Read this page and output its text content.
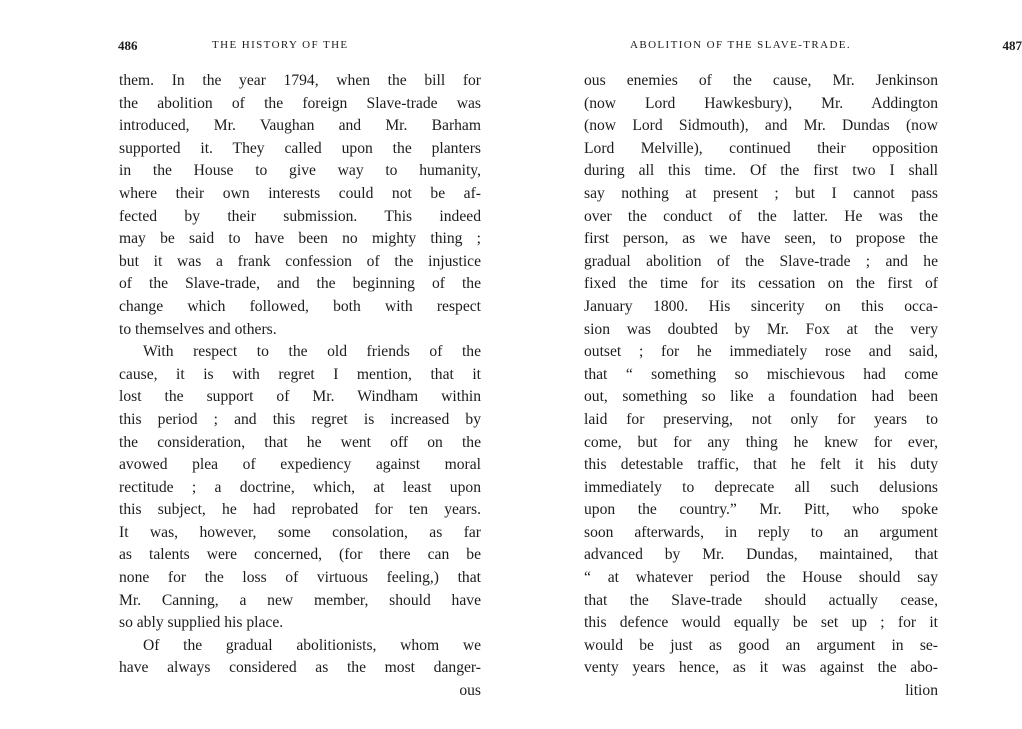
486	THE HISTORY OF THE
them. In the year 1794, when the bill for
the abolition of the foreign Slave-trade was
introduced, Mr. Vaughan and Mr. Barham
supported it. They called upon the planters
in the House to give way to humanity,
where their own interests could not be af-
fected by their submission. This indeed
may be said to have been no mighty thing ;
but it was a frank confession of the injustice
of the Slave-trade, and the beginning of the
change which followed, both with respect
to themselves and others.
With respect to the old friends of the
cause, it is with regret I mention, that it
lost the support of Mr. Windham within
this period ; and this regret is increased by
the consideration, that he went off on the
avowed plea of expediency against moral
rectitude ; a doctrine, which, at least upon
this subject, he had reprobated for ten years.
It was, however, some consolation, as far
as talents were concerned, (for there can be
none for the loss of virtuous feeling,) that
Mr. Canning, a new member, should have
so ably supplied his place.
Of the gradual abolitionists, whom we
have always considered as the most danger-
ous
ABOLITION OF THE SLAVE-TRADE.	487
ous enemies of the cause, Mr. Jenkinson
(now Lord Hawkesbury), Mr. Addington
(now Lord Sidmouth), and Mr. Dundas (now
Lord Melville), continued their opposition
during all this time. Of the first two I shall
say nothing at present ; but I cannot pass
over the conduct of the latter. He was the
first person, as we have seen, to propose the
gradual abolition of the Slave-trade ; and he
fixed the time for its cessation on the first of
January 1800. His sincerity on this occa-
sion was doubted by Mr. Fox at the very
outset ; for he immediately rose and said,
that “ something so mischievous had come
out, something so like a foundation had been
laid for preserving, not only for years to
come, but for any thing he knew for ever,
this detestable traffic, that he felt it his duty
immediately to deprecate all such delusions
upon the country.” Mr. Pitt, who spoke
soon afterwards, in reply to an argument
advanced by Mr. Dundas, maintained, that
“ at whatever period the House should say
that the Slave-trade should actually cease,
this defence would equally be set up ; for it
would be just as good an argument in se-
venty years hence, as it was against the abo-
lition
